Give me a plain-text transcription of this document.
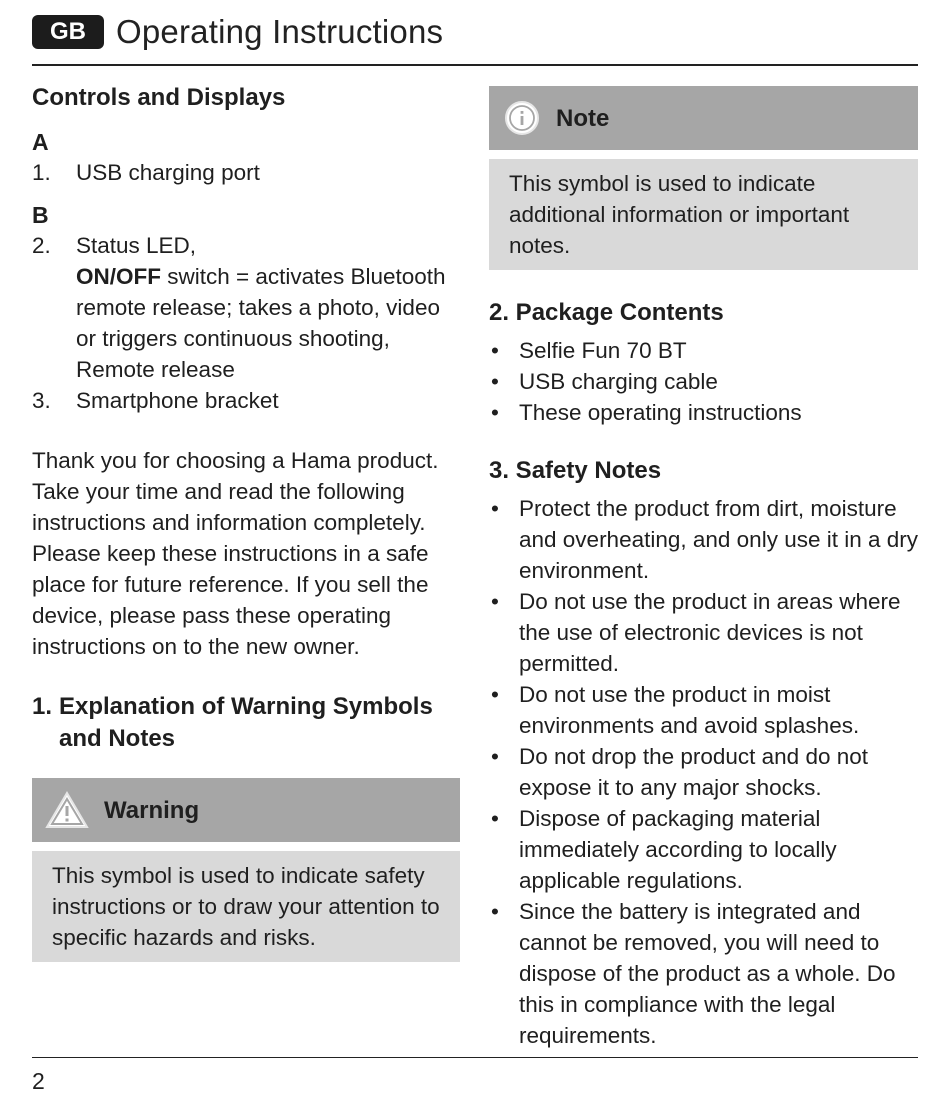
GB Operating Instructions
Controls and Displays
A
1.	USB charging port
B
2.	Status LED,
ON/OFF switch = activates Bluetooth remote release; takes a photo, video or triggers continuous shooting, Remote release
3.	Smartphone bracket

Thank you for choosing a Hama product. Take your time and read the following instructions and information completely. Please keep these instructions in a safe place for future reference. If you sell the device, please pass these operating instructions on to the new owner.

1. Explanation of Warning Symbols and Notes
Warning
This symbol is used to indicate safety instructions or to draw your attention to specific hazards and risks.
Note
This symbol is used to indicate additional information or important notes.
2. Package Contents
• Selfie Fun 70 BT
• USB charging cable
• These operating instructions
3. Safety Notes
• Protect the product from dirt, moisture and overheating, and only use it in a dry environment.
• Do not use the product in areas where the use of electronic devices is not permitted.
• Do not use the product in moist environments and avoid splashes.
• Do not drop the product and do not expose it to any major shocks.
• Dispose of packaging material immediately according to locally applicable regulations.
• Since the battery is integrated and cannot be removed, you will need to dispose of the product as a whole. Do this in compliance with the legal requirements.
2
